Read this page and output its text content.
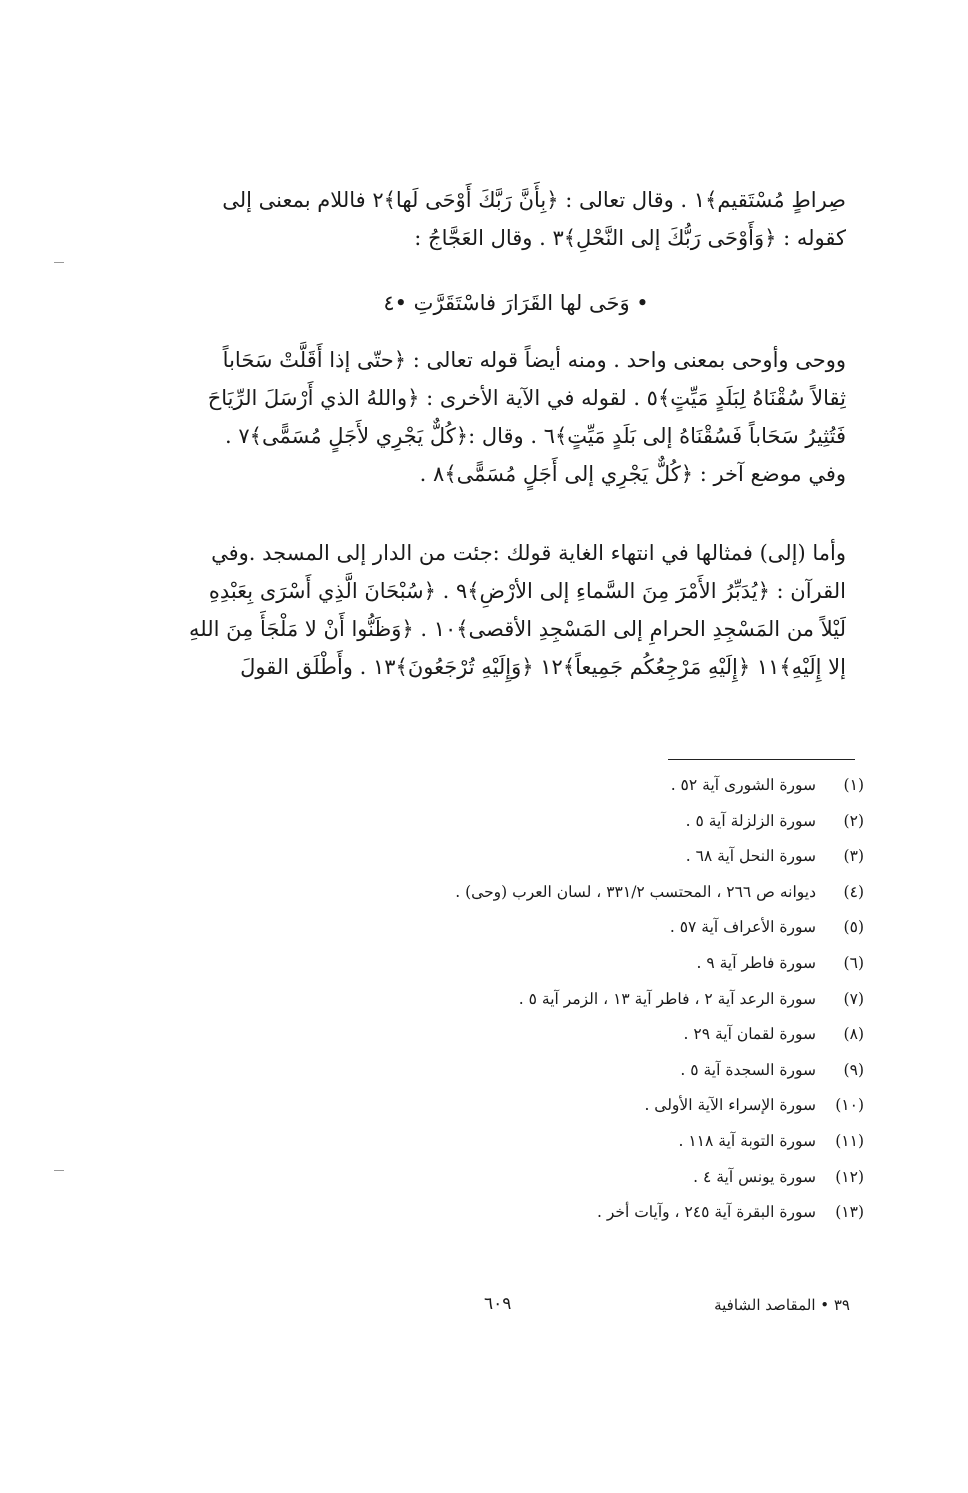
صِراطٍ مُسْتَقيم﴾١ . وقال تعالى : ﴿بِأَنَّ رَبَّكَ أَوْحَى لَها﴾٢ فاللام بمعنى إلى
كقوله : ﴿وَأَوْحَى رَبُّكَ إلى النَّحْلِ﴾٣ . وقال العَجَّاجُ :
• وَحَى لها القَرَارَ فاسْتَقَرَّتِ •٤
ووحى وأوحى بمعنى واحد . ومنه أيضاً قوله تعالى : ﴿حتّى إذا أَقَلَّتْ سَحَاباً
ثِقالاً سُقْنَاهُ لِبَلَدٍ مَيِّتٍ﴾٥ . لقوله في الآية الأخرى : ﴿واللهُ الذي أَرْسَلَ الرِّيَاحَ
فَتُثِيرُ سَحَاباً فَسُقْنَاهُ إلى بَلَدٍ مَيِّتٍ﴾٦ . وقال :﴿كُلٌّ يَجْرِي لأَجَلٍ مُسَمًّى﴾٧ .
وفي موضع آخر : ﴿كُلٌّ يَجْرِي إلى أَجَلٍ مُسَمًّى﴾٨ .
وأما (إلى) فمثالها في انتهاء الغاية قولك :جئت من الدار إلى المسجد .وفي
القرآن : ﴿يُدَبِّرُ الأَمْرَ مِنَ السَّماءِ إلى الأرْضِ﴾٩ . ﴿سُبْحَانَ الَّذِي أَسْرَى بِعَبْدِهِ
لَيْلاً من المَسْجِدِ الحرامِ إلى المَسْجِدِ الأقصى﴾١٠ . ﴿وَظَنُّوا أَنْ لا مَلْجَأَ مِنَ اللهِ
إلا إِلَيْهِ﴾١١ ﴿إِلَيْهِ مَرْجِعُكُم جَمِيعاً﴾١٢ ﴿وَإِلَيْهِ تُرْجَعُونَ﴾١٣ . وأَطْلَق القولَ
(١)
سورة الشورى آية ٥٢ .
(٢)
سورة الزلزلة آية ٥ .
(٣)
سورة النحل آية ٦٨ .
(٤)
ديوانه ص ٢٦٦ ، المحتسب ٣٣١/٢ ، لسان العرب (وحى) .
(٥)
سورة الأعراف آية ٥٧ .
(٦)
سورة فاطر آية ٩ .
(٧)
سورة الرعد آية ٢ ، فاطر آية ١٣ ، الزمر آية ٥ .
(٨)
سورة لقمان آية ٢٩ .
(٩)
سورة السجدة آية ٥ .
(١٠)
سورة الإسراء الآية الأولى .
(١١)
سورة التوبة آية ١١٨ .
(١٢)
سورة يونس آية ٤ .
(١٣)
سورة البقرة آية ٢٤٥ ، وآيات أخر .
٦٠٩	٣٩ • المقاصد الشافية
